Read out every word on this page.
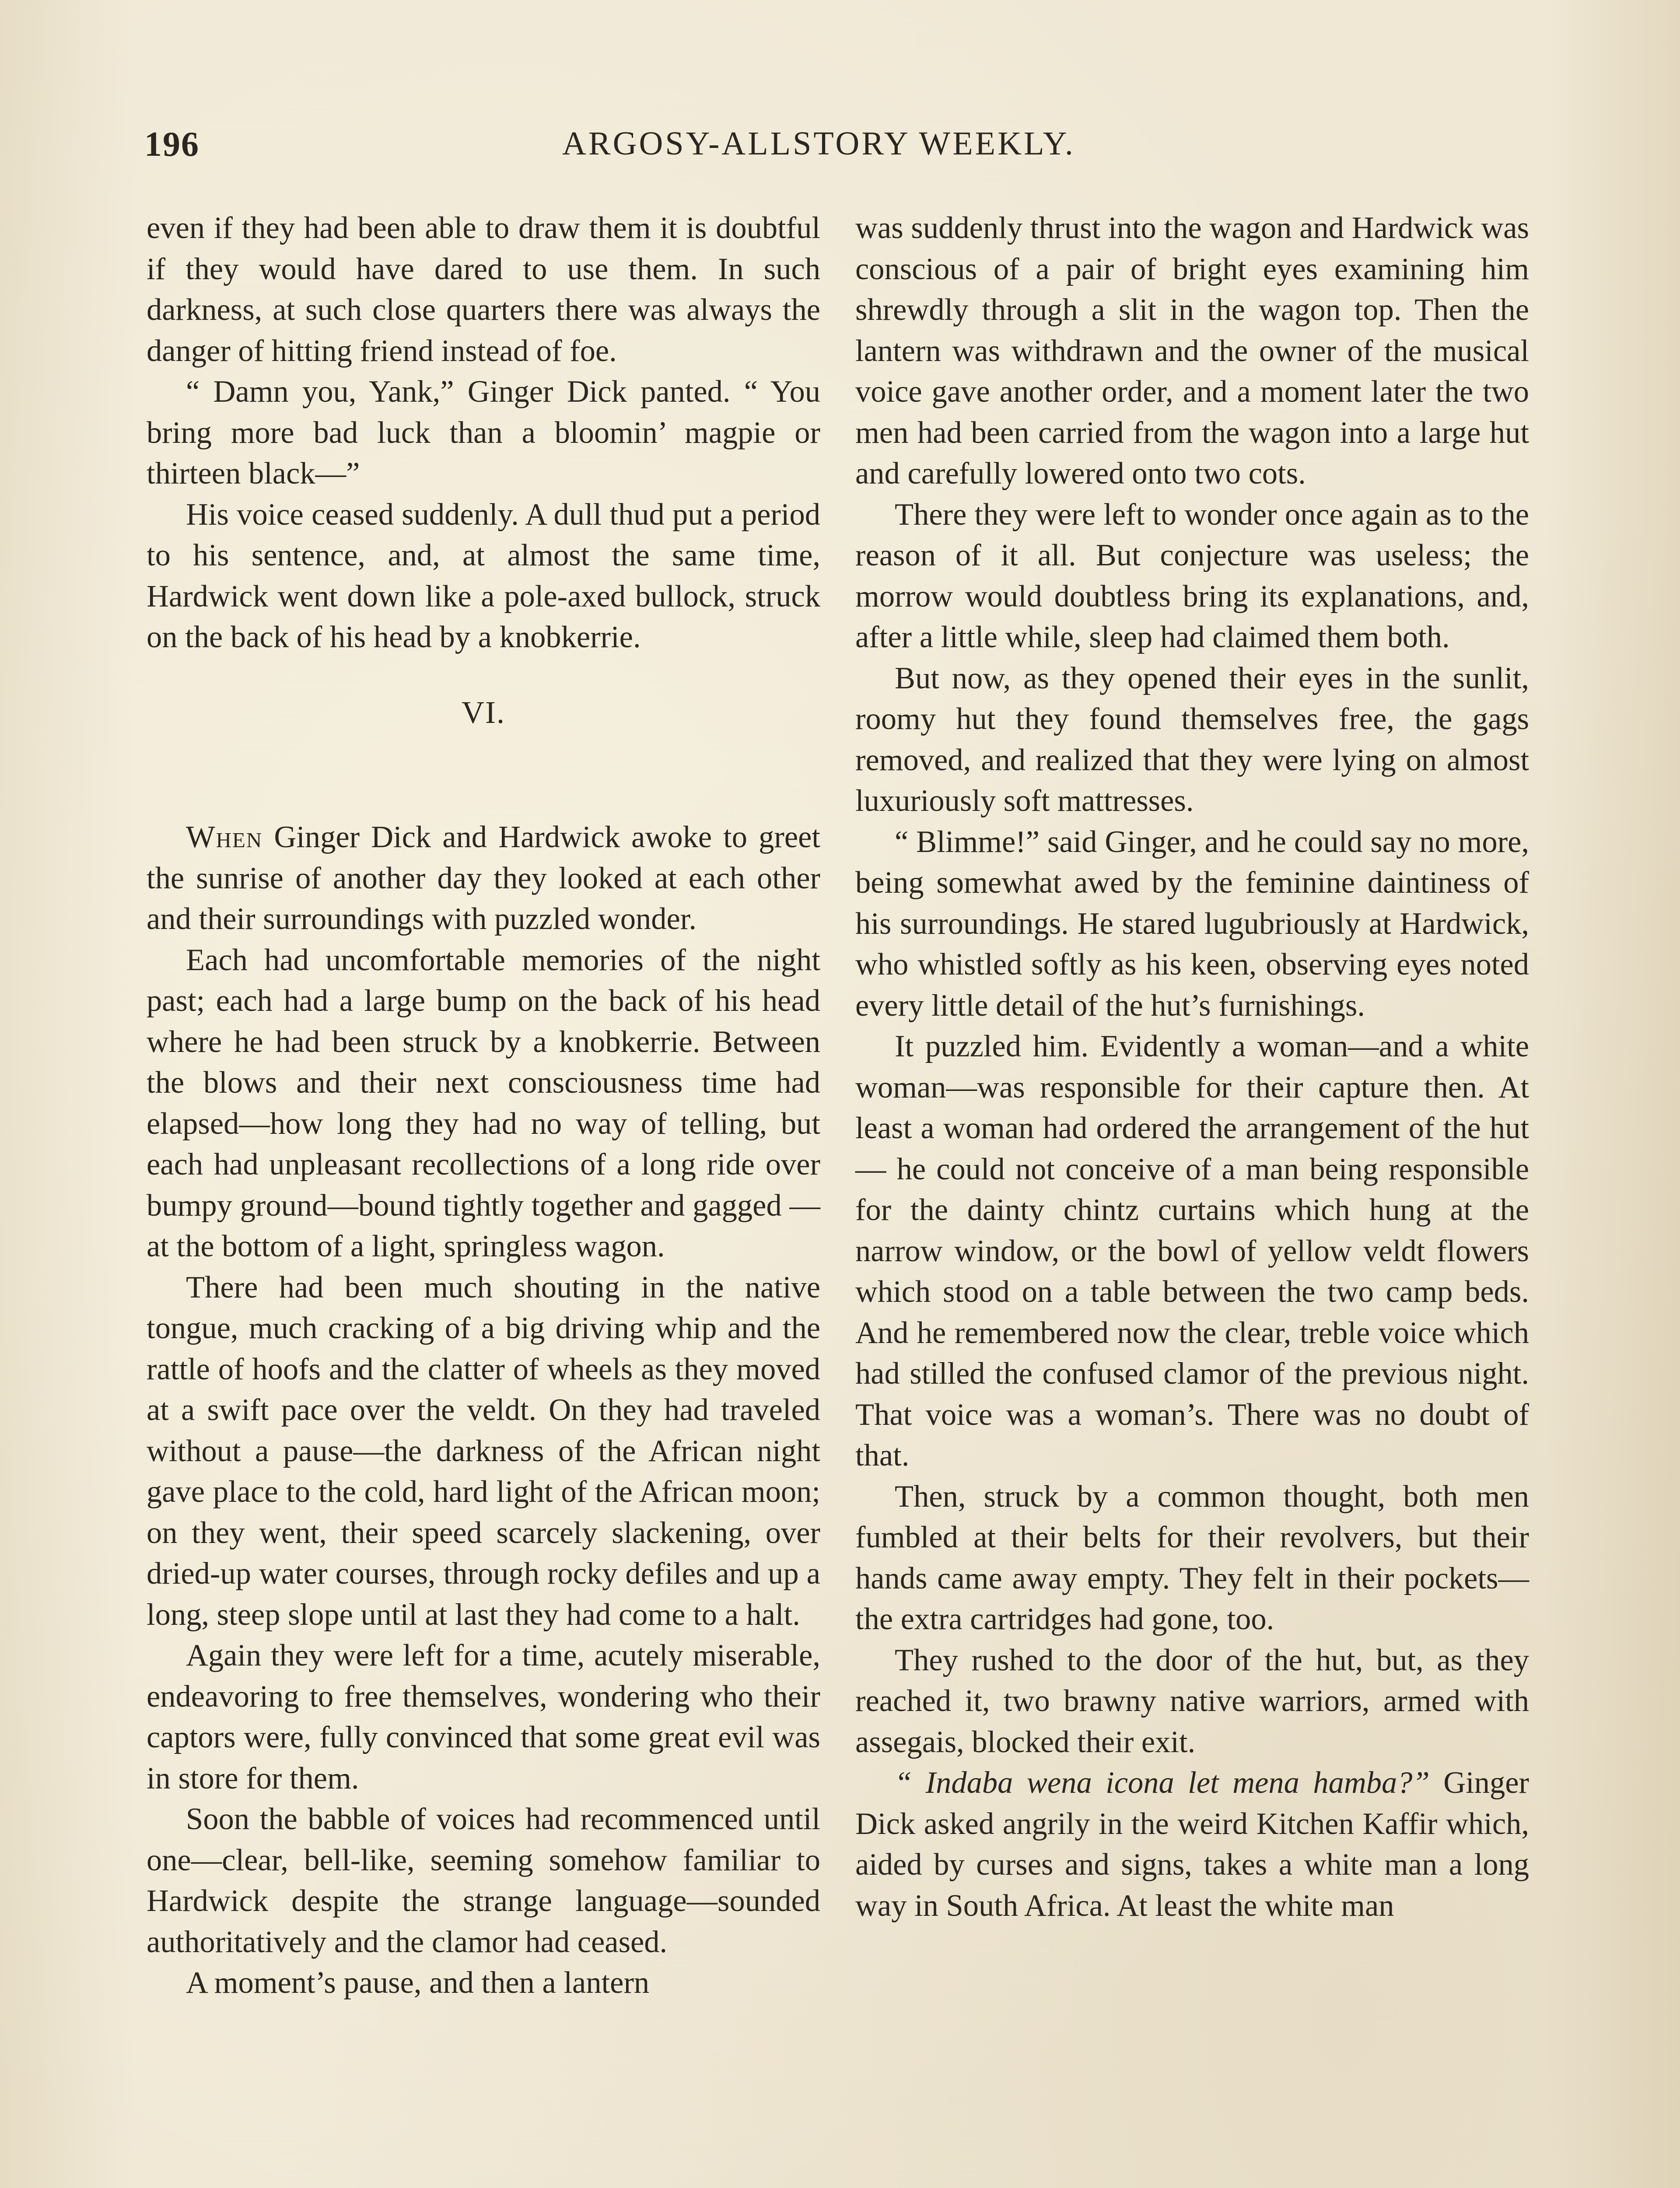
196	ARGOSY-ALLSTORY WEEKLY.

even if they had been able to draw them it is doubtful if they would have dared to use them. In such darkness, at such close quarters there was always the danger of hitting friend instead of foe.

“ Damn you, Yank,” Ginger Dick panted. “ You bring more bad luck than a bloomin’ magpie or thirteen black—”

His voice ceased suddenly. A dull thud put a period to his sentence, and, at almost the same time, Hardwick went down like a pole-axed bullock, struck on the back of his head by a knobkerrie.

VI.

When Ginger Dick and Hardwick awoke to greet the sunrise of another day they looked at each other and their surroundings with puzzled wonder.

Each had uncomfortable memories of the night past; each had a large bump on the back of his head where he had been struck by a knobkerrie. Between the blows and their next consciousness time had elapsed—how long they had no way of telling, but each had unpleasant recollections of a long ride over bumpy ground—bound tightly together and gagged — at the bottom of a light, springless wagon.

There had been much shouting in the native tongue, much cracking of a big driving whip and the rattle of hoofs and the clatter of wheels as they moved at a swift pace over the veldt. On they had traveled without a pause—the darkness of the African night gave place to the cold, hard light of the African moon; on they went, their speed scarcely slackening, over dried-up water courses, through rocky defiles and up a long, steep slope until at last they had come to a halt.

Again they were left for a time, acutely miserable, endeavoring to free themselves, wondering who their captors were, fully convinced that some great evil was in store for them.

Soon the babble of voices had recommenced until one—clear, bell-like, seeming somehow familiar to Hardwick despite the strange language—sounded authoritatively and the clamor had ceased.

A moment’s pause, and then a lantern

was suddenly thrust into the wagon and Hardwick was conscious of a pair of bright eyes examining him shrewdly through a slit in the wagon top. Then the lantern was withdrawn and the owner of the musical voice gave another order, and a moment later the two men had been carried from the wagon into a large hut and carefully lowered onto two cots.

There they were left to wonder once again as to the reason of it all. But conjecture was useless; the morrow would doubtless bring its explanations, and, after a little while, sleep had claimed them both.

But now, as they opened their eyes in the sunlit, roomy hut they found themselves free, the gags removed, and realized that they were lying on almost luxuriously soft mattresses.

“ Blimme!” said Ginger, and he could say no more, being somewhat awed by the feminine daintiness of his surroundings. He stared lugubriously at Hardwick, who whistled softly as his keen, observing eyes noted every little detail of the hut’s furnishings.

It puzzled him. Evidently a woman—and a white woman—was responsible for their capture then. At least a woman had ordered the arrangement of the hut — he could not conceive of a man being responsible for the dainty chintz curtains which hung at the narrow window, or the bowl of yellow veldt flowers which stood on a table between the two camp beds. And he remembered now the clear, treble voice which had stilled the confused clamor of the previous night. That voice was a woman’s. There was no doubt of that.

Then, struck by a common thought, both men fumbled at their belts for their revolvers, but their hands came away empty. They felt in their pockets—the extra cartridges had gone, too.

They rushed to the door of the hut, but, as they reached it, two brawny native warriors, armed with assegais, blocked their exit.

“ Indaba wena icona let mena hamba?” Ginger Dick asked angrily in the weird Kitchen Kaffir which, aided by curses and signs, takes a white man a long way in South Africa. At least the white man
